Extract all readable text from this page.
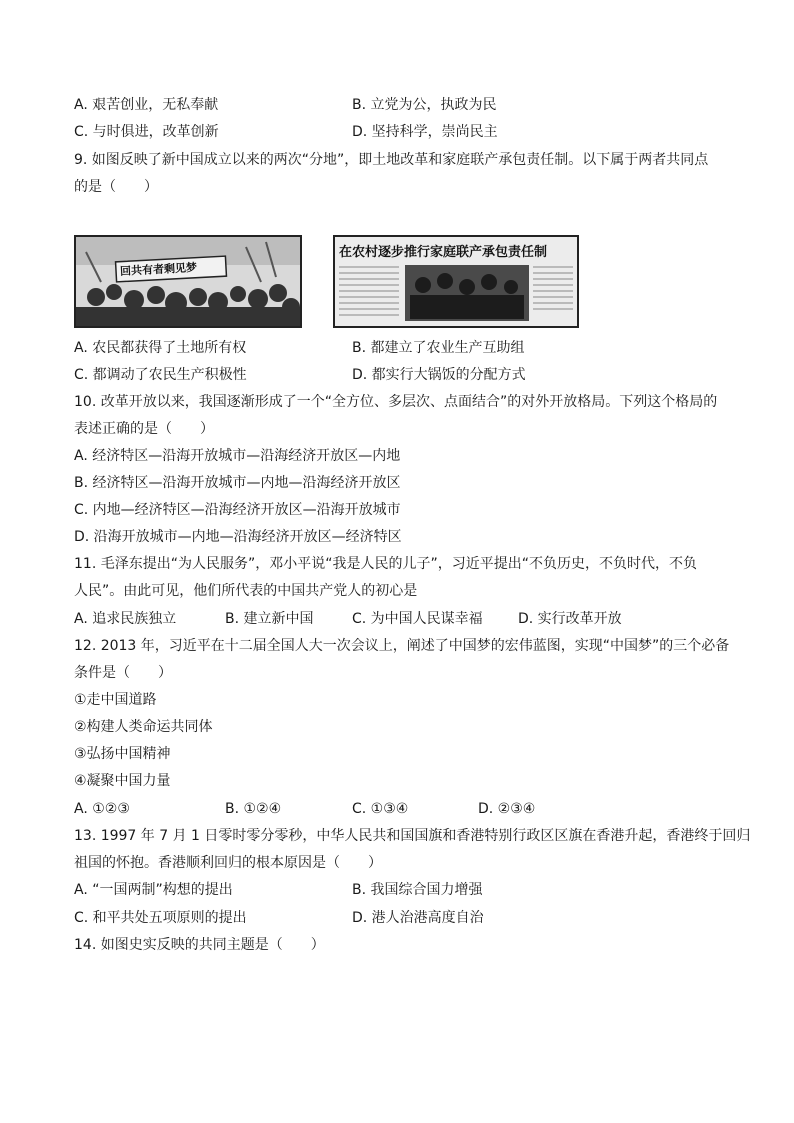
A. 艰苦创业，无私奉献	B. 立党为公，执政为民
C. 与时俱进，改革创新	D. 坚持科学，崇尚民主
9. 如图反映了新中国成立以来的两次“分地”，即土地改革和家庭联产承包责任制。以下属于两者共同点
的是（　　）
回共有者剩见梦
在农村逐步推行家庭联产承包责任制
A. 农民都获得了土地所有权	B. 都建立了农业生产互助组
C. 都调动了农民生产积极性	D. 都实行大锅饭的分配方式
10. 改革开放以来，我国逐渐形成了一个“全方位、多层次、点面结合”的对外开放格局。下列这个格局的
表述正确的是（　　）
A. 经济特区—沿海开放城市—沿海经济开放区—内地
B. 经济特区—沿海开放城市—内地—沿海经济开放区
C. 内地—经济特区—沿海经济开放区—沿海开放城市
D. 沿海开放城市—内地—沿海经济开放区—经济特区
11. 毛泽东提出“为人民服务”，邓小平说“我是人民的儿子”，习近平提出“不负历史，不负时代，不负
人民”。由此可见，他们所代表的中国共产党人的初心是
A. 追求民族独立	B. 建立新中国	C. 为中国人民谋幸福	D. 实行改革开放
12. 2013 年，习近平在十二届全国人大一次会议上，阐述了中国梦的宏伟蓝图，实现“中国梦”的三个必备
条件是（　　）
①走中国道路
②构建人类命运共同体
③弘扬中国精神
④凝聚中国力量
A. ①②③	B. ①②④	C. ①③④	D. ②③④
13. 1997 年 7 月 1 日零时零分零秒，中华人民共和国国旗和香港特别行政区区旗在香港升起，香港终于回归
祖国的怀抱。香港顺利回归的根本原因是（　　）
A. “一国两制”构想的提出	B. 我国综合国力增强
C. 和平共处五项原则的提出	D. 港人治港高度自治
14. 如图史实反映的共同主题是（　　）
